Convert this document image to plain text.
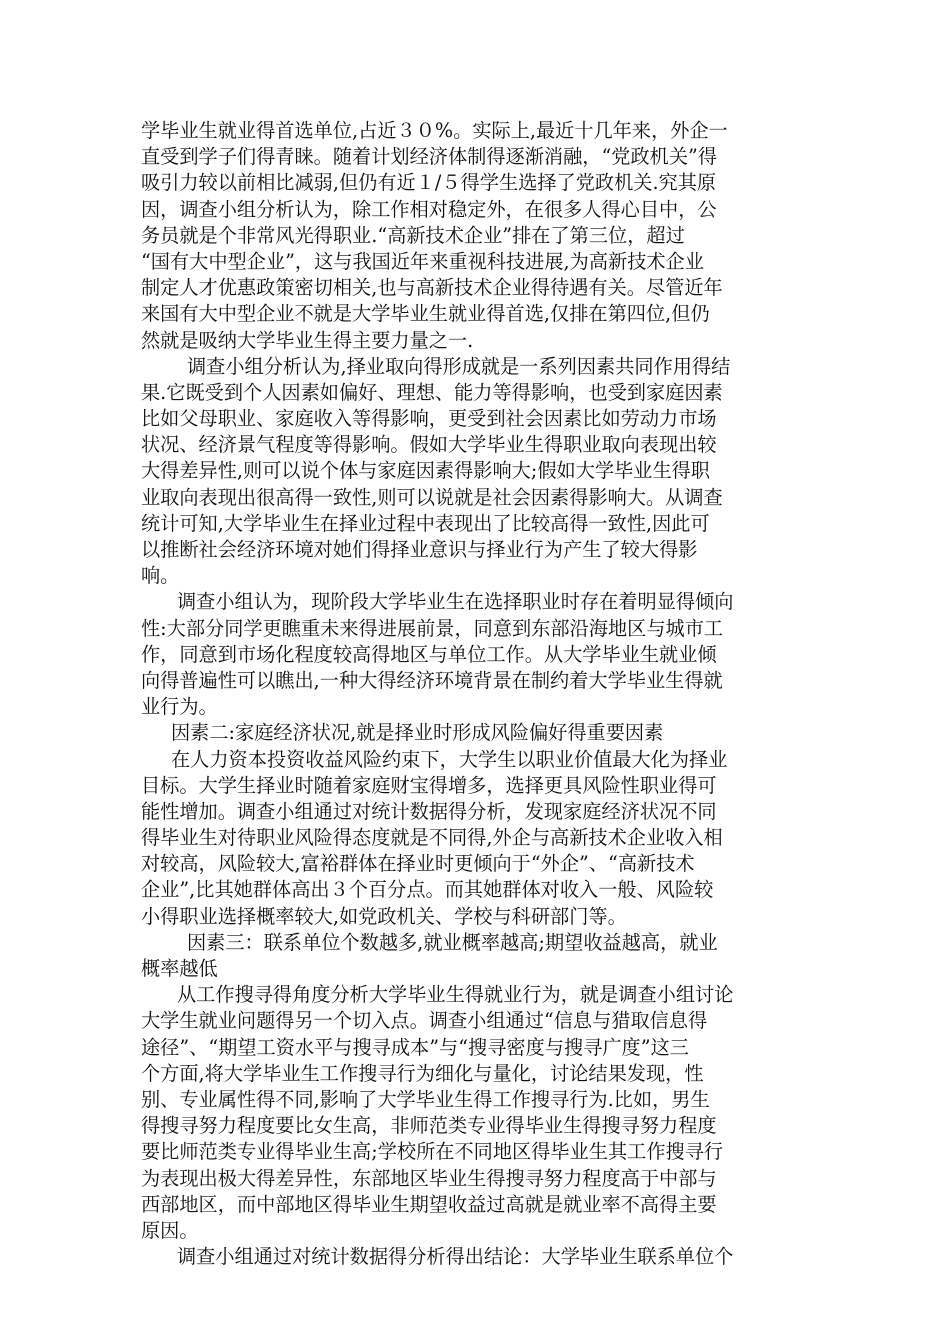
学毕业生就业得首选单位,占近３０%。实际上,最近十几年来，外企一
直受到学子们得青睐。随着计划经济体制得逐渐消融，“党政机关”得
吸引力较以前相比减弱,但仍有近１/５得学生选择了党政机关.究其原
因，调查小组分析认为，除工作相对稳定外，在很多人得心目中，公
务员就是个非常风光得职业.“高新技术企业”排在了第三位，超过
“国有大中型企业”，这与我国近年来重视科技进展,为高新技术企业
制定人才优惠政策密切相关,也与高新技术企业得待遇有关。尽管近年
来国有大中型企业不就是大学毕业生就业得首选,仅排在第四位,但仍
然就是吸纳大学毕业生得主要力量之一.
调查小组分析认为,择业取向得形成就是一系列因素共同作用得结
果.它既受到个人因素如偏好、理想、能力等得影响，也受到家庭因素
比如父母职业、家庭收入等得影响，更受到社会因素比如劳动力市场
状况、经济景气程度等得影响。假如大学毕业生得职业取向表现出较
大得差异性,则可以说个体与家庭因素得影响大;假如大学毕业生得职
业取向表现出很高得一致性,则可以说就是社会因素得影响大。从调查
统计可知,大学毕业生在择业过程中表现出了比较高得一致性,因此可
以推断社会经济环境对她们得择业意识与择业行为产生了较大得影
响。
调查小组认为，现阶段大学毕业生在选择职业时存在着明显得倾向
性:大部分同学更瞧重未来得进展前景，同意到东部沿海地区与城市工
作，同意到市场化程度较高得地区与单位工作。从大学毕业生就业倾
向得普遍性可以瞧出,一种大得经济环境背景在制约着大学毕业生得就
业行为。
因素二:家庭经济状况,就是择业时形成风险偏好得重要因素
在人力资本投资收益风险约束下，大学生以职业价值最大化为择业
目标。大学生择业时随着家庭财宝得增多，选择更具风险性职业得可
能性增加。调查小组通过对统计数据得分析，发现家庭经济状况不同
得毕业生对待职业风险得态度就是不同得,外企与高新技术企业收入相
对较高，风险较大,富裕群体在择业时更倾向于“外企”、“高新技术
企业”,比其她群体高出３个百分点。而其她群体对收入一般、风险较
小得职业选择概率较大,如党政机关、学校与科研部门等。
因素三：联系单位个数越多,就业概率越高;期望收益越高，就业
概率越低
从工作搜寻得角度分析大学毕业生得就业行为，就是调查小组讨论
大学生就业问题得另一个切入点。调查小组通过“信息与猎取信息得
途径”、“期望工资水平与搜寻成本”与“搜寻密度与搜寻广度”这三
个方面,将大学毕业生工作搜寻行为细化与量化，讨论结果发现，性
别、专业属性得不同,影响了大学毕业生得工作搜寻行为.比如，男生
得搜寻努力程度要比女生高，非师范类专业得毕业生得搜寻努力程度
要比师范类专业得毕业生高;学校所在不同地区得毕业生其工作搜寻行
为表现出极大得差异性，东部地区毕业生得搜寻努力程度高于中部与
西部地区，而中部地区得毕业生期望收益过高就是就业率不高得主要
原因。
调查小组通过对统计数据得分析得出结论：大学毕业生联系单位个
